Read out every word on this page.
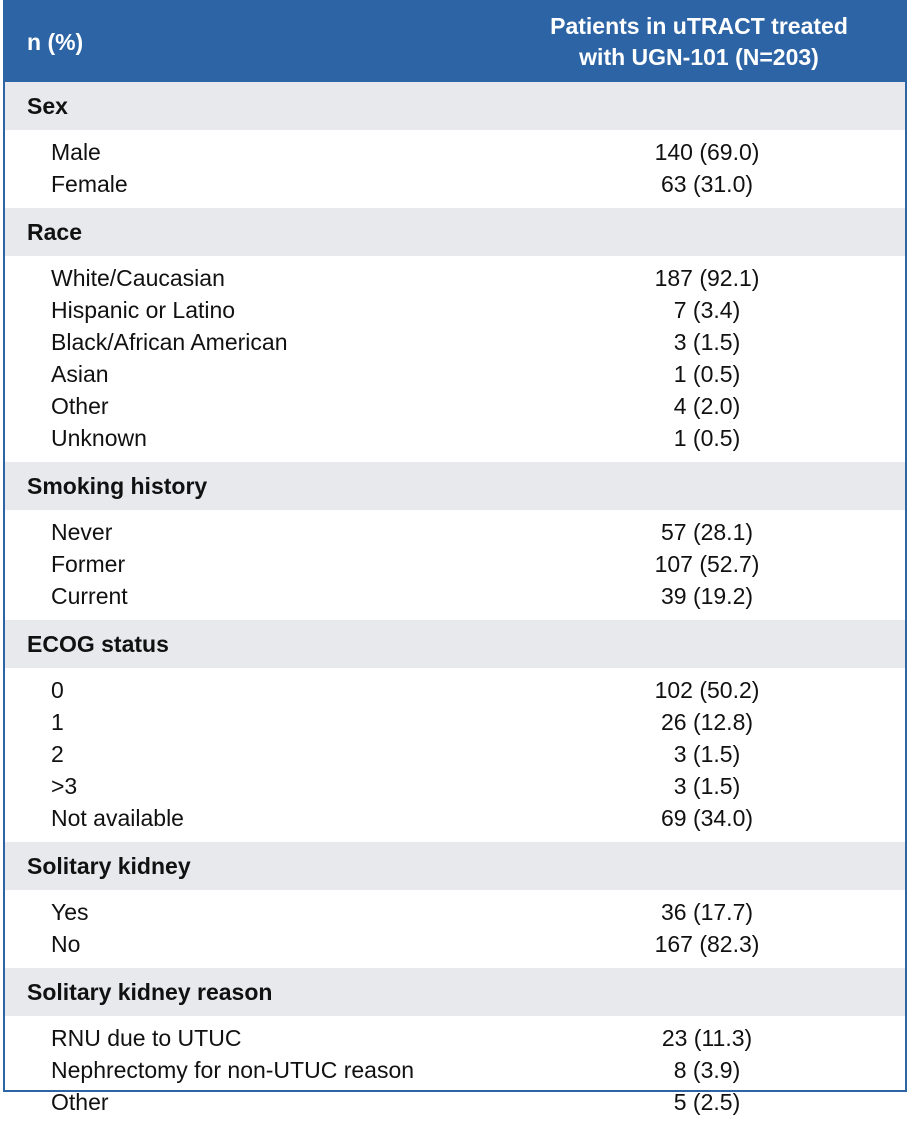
n (%)
Patients in uTRACT treated
with UGN-101 (N=203)
Sex
Male	140 (69.0)
Female	63 (31.0)
Race
White/Caucasian	187 (92.1)
Hispanic or Latino	7 (3.4)
Black/African American	3 (1.5)
Asian	1 (0.5)
Other	4 (2.0)
Unknown	1 (0.5)
Smoking history
Never	57 (28.1)
Former	107 (52.7)
Current	39 (19.2)
ECOG status
0	102 (50.2)
1	26 (12.8)
2	3 (1.5)
>3	3 (1.5)
Not available	69 (34.0)
Solitary kidney
Yes	36 (17.7)
No	167 (82.3)
Solitary kidney reason
RNU due to UTUC	23 (11.3)
Nephrectomy for non-UTUC reason	8 (3.9)
Other	5 (2.5)
